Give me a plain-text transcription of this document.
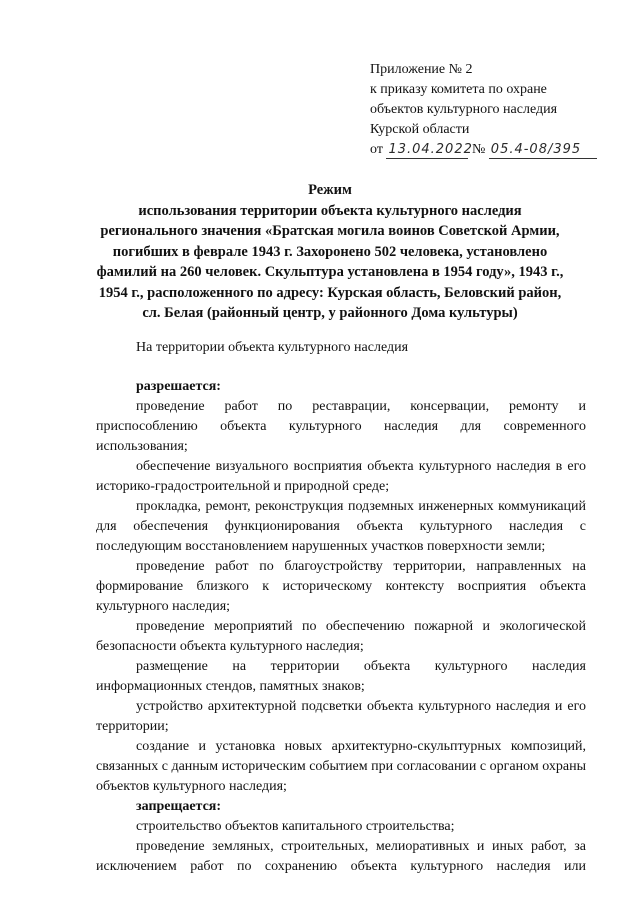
Приложение № 2
к приказу комитета по охране
объектов культурного наследия
Курской области
от 13.04.2022 № 05.4-08/395
Режим
использования территории объекта культурного наследия регионального значения «Братская могила воинов Советской Армии, погибших в феврале 1943 г. Захоронено 502 человека, установлено фамилий на 260 человек. Скульптура установлена в 1954 году», 1943 г., 1954 г., расположенного по адресу: Курская область, Беловский район, сл. Белая (районный центр, у районного Дома культуры)

На территории объекта культурного наследия

разрешается:

проведение работ по реставрации, консервации, ремонту и приспособлению объекта культурного наследия для современного использования;

обеспечение визуального восприятия объекта культурного наследия в его историко-градостроительной и природной среде;

прокладка, ремонт, реконструкция подземных инженерных коммуникаций для обеспечения функционирования объекта культурного наследия с последующим восстановлением нарушенных участков поверхности земли;

проведение работ по благоустройству территории, направленных на формирование близкого к историческому контексту восприятия объекта культурного наследия;

проведение мероприятий по обеспечению пожарной и экологической безопасности объекта культурного наследия;

размещение на территории объекта культурного наследия информационных стендов, памятных знаков;

устройство архитектурной подсветки объекта культурного наследия и его территории;

создание и установка новых архитектурно-скульптурных композиций, связанных с данным историческим событием при согласовании с органом охраны объектов культурного наследия;

запрещается:

строительство объектов капитального строительства;

проведение земляных, строительных, мелиоративных и иных работ, за исключением работ по сохранению объекта культурного наследия или
